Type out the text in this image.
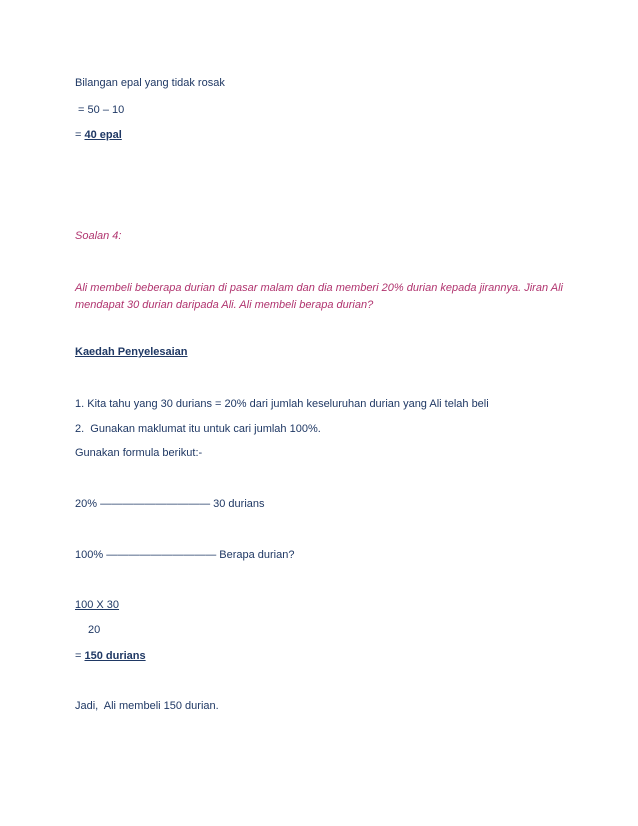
Bilangan epal yang tidak rosak
= 50 – 10
= 40 epal
Soalan 4:
Ali membeli beberapa durian di pasar malam dan dia memberi 20% durian kepada jirannya. Jiran Ali mendapat 30 durian daripada Ali. Ali membeli berapa durian?
Kaedah Penyelesaian
1. Kita tahu yang 30 durians = 20% dari jumlah keseluruhan durian yang Ali telah beli
2.  Gunakan maklumat itu untuk cari jumlah 100%.
Gunakan formula berikut:-
20% —————————— 30 durians
100% —————————— Berapa durian?
100 X 30
20
= 150 durians
Jadi,  Ali membeli 150 durian.
